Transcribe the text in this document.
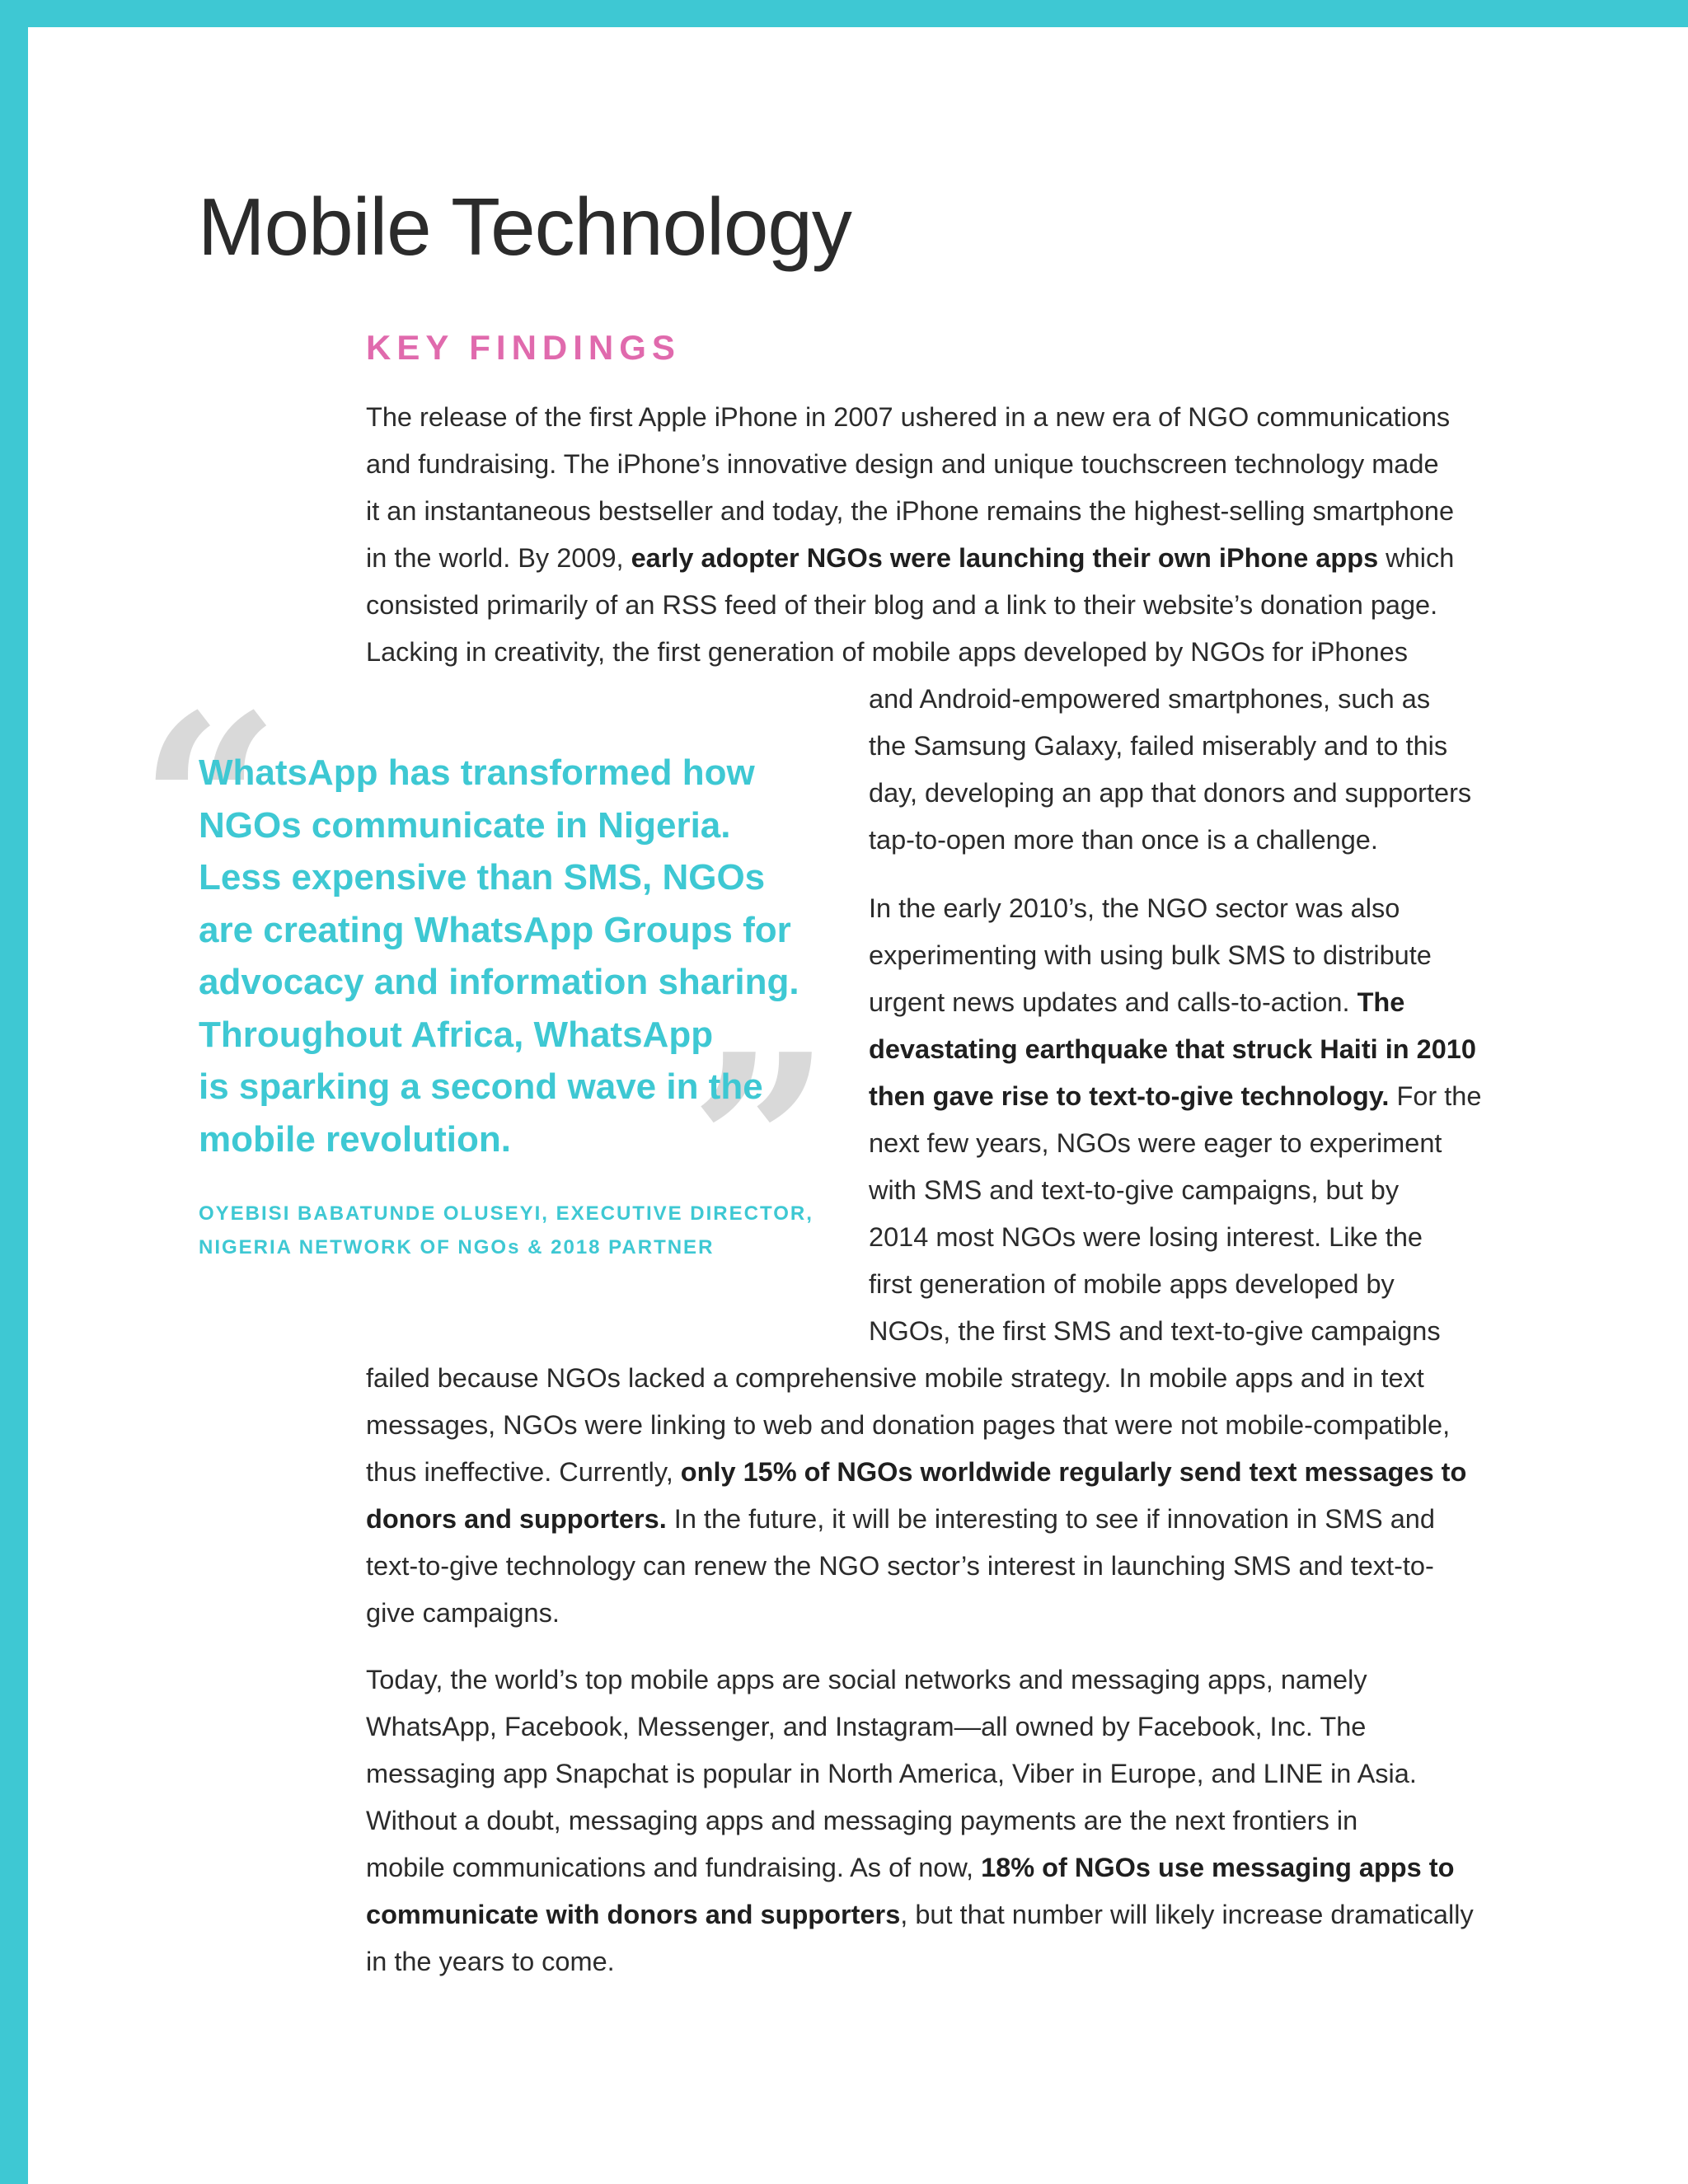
Mobile Technology
KEY FINDINGS

The release of the first Apple iPhone in 2007 ushered in a new era of NGO communications
and fundraising. The iPhone’s innovative design and unique touchscreen technology made
it an instantaneous bestseller and today, the iPhone remains the highest-selling smartphone
in the world. By 2009, early adopter NGOs were launching their own iPhone apps which
consisted primarily of an RSS feed of their blog and a link to their website’s donation page.
Lacking in creativity, the first generation of mobile apps developed by NGOs for iPhones
and Android-empowered smartphones, such as
the Samsung Galaxy, failed miserably and to this
day, developing an app that donors and supporters
tap-to-open more than once is a challenge.

In the early 2010’s, the NGO sector was also
experimenting with using bulk SMS to distribute
urgent news updates and calls-to-action. The
devastating earthquake that struck Haiti in 2010
then gave rise to text-to-give technology. For the
next few years, NGOs were eager to experiment
with SMS and text-to-give campaigns, but by
2014 most NGOs were losing interest. Like the
first generation of mobile apps developed by
NGOs, the first SMS and text-to-give campaigns

failed because NGOs lacked a comprehensive mobile strategy. In mobile apps and in text
messages, NGOs were linking to web and donation pages that were not mobile-compatible,
thus ineffective. Currently, only 15% of NGOs worldwide regularly send text messages to
donors and supporters. In the future, it will be interesting to see if innovation in SMS and
text-to-give technology can renew the NGO sector’s interest in launching SMS and text-to-
give campaigns.

Today, the world’s top mobile apps are social networks and messaging apps, namely
WhatsApp, Facebook, Messenger, and Instagram—all owned by Facebook, Inc. The
messaging app Snapchat is popular in North America, Viber in Europe, and LINE in Asia.
Without a doubt, messaging apps and messaging payments are the next frontiers in
mobile communications and fundraising. As of now, 18% of NGOs use messaging apps to
communicate with donors and supporters, but that number will likely increase dramatically
in the years to come.

“
”
WhatsApp has transformed how
NGOs communicate in Nigeria.
Less expensive than SMS, NGOs
are creating WhatsApp Groups for
advocacy and information sharing.
Throughout Africa, WhatsApp
is sparking a second wave in the
mobile revolution.

OYEBISI BABATUNDE OLUSEYI, EXECUTIVE DIRECTOR,
NIGERIA NETWORK OF NGOs & 2018 PARTNER
